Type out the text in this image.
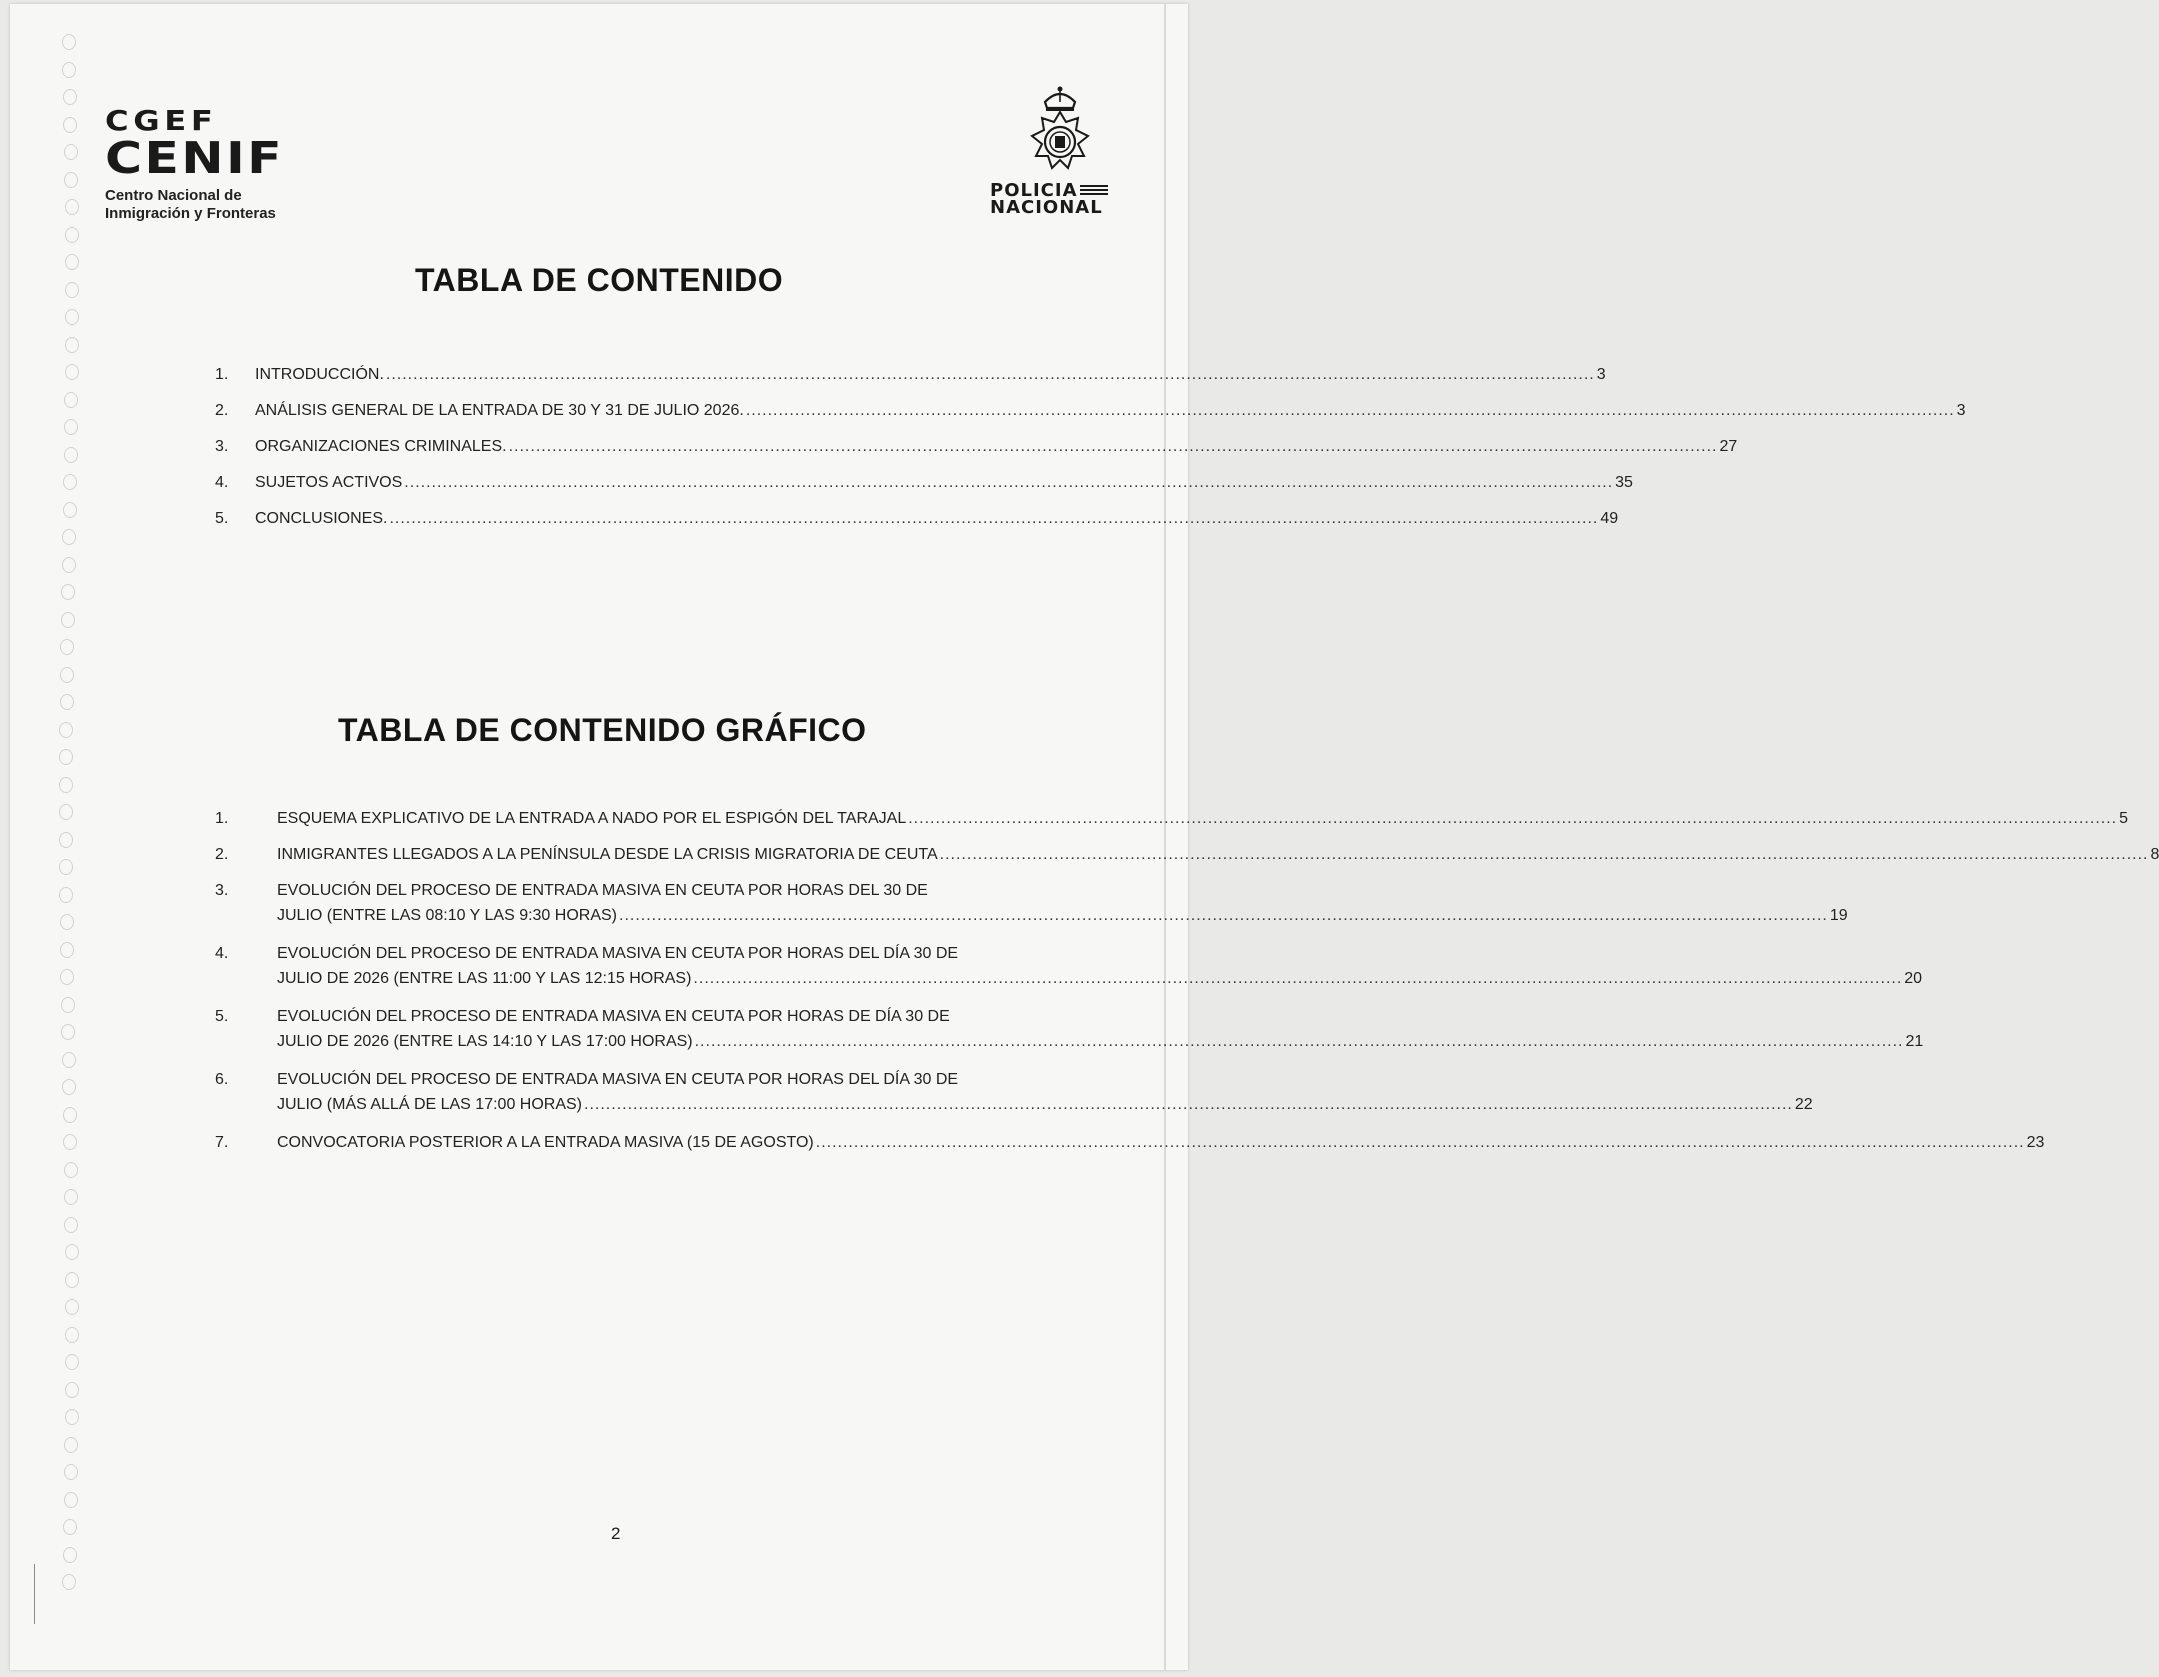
CGEF
CENIF
Centro Nacional de
Inmigración y Fronteras
POLICIA
NACIONAL
TABLA DE CONTENIDO
1.	INTRODUCCIÓN. .....	3
2.	ANÁLISIS GENERAL DE LA ENTRADA DE 30 Y 31 DE JULIO 2026. .....	3
3.	ORGANIZACIONES CRIMINALES. .....	27
4.	SUJETOS ACTIVOS .....	35
5.	CONCLUSIONES. .....	49
TABLA DE CONTENIDO GRÁFICO
1.	ESQUEMA EXPLICATIVO DE LA ENTRADA A NADO POR EL ESPIGÓN DEL TARAJAL .....	5
2.	INMIGRANTES LLEGADOS A LA PENÍNSULA DESDE LA CRISIS MIGRATORIA DE CEUTA .....	8
3.	EVOLUCIÓN DEL PROCESO DE ENTRADA MASIVA EN CEUTA POR HORAS DEL 30 DE
JULIO (ENTRE LAS 08:10 Y LAS 9:30 HORAS) .....	19
4.	EVOLUCIÓN DEL PROCESO DE ENTRADA MASIVA EN CEUTA POR HORAS DEL DÍA 30 DE
JULIO DE 2026 (ENTRE LAS 11:00 Y LAS 12:15 HORAS) .....	20
5.	EVOLUCIÓN DEL PROCESO DE ENTRADA MASIVA EN CEUTA POR HORAS DE DÍA 30 DE
JULIO DE 2026 (ENTRE LAS 14:10 Y LAS 17:00 HORAS) .....	21
6.	EVOLUCIÓN DEL PROCESO DE ENTRADA MASIVA EN CEUTA POR HORAS DEL DÍA 30 DE
JULIO (MÁS ALLÁ DE LAS 17:00 HORAS) .....	22
7.	CONVOCATORIA POSTERIOR A LA ENTRADA MASIVA (15 DE AGOSTO) .....	23
2
